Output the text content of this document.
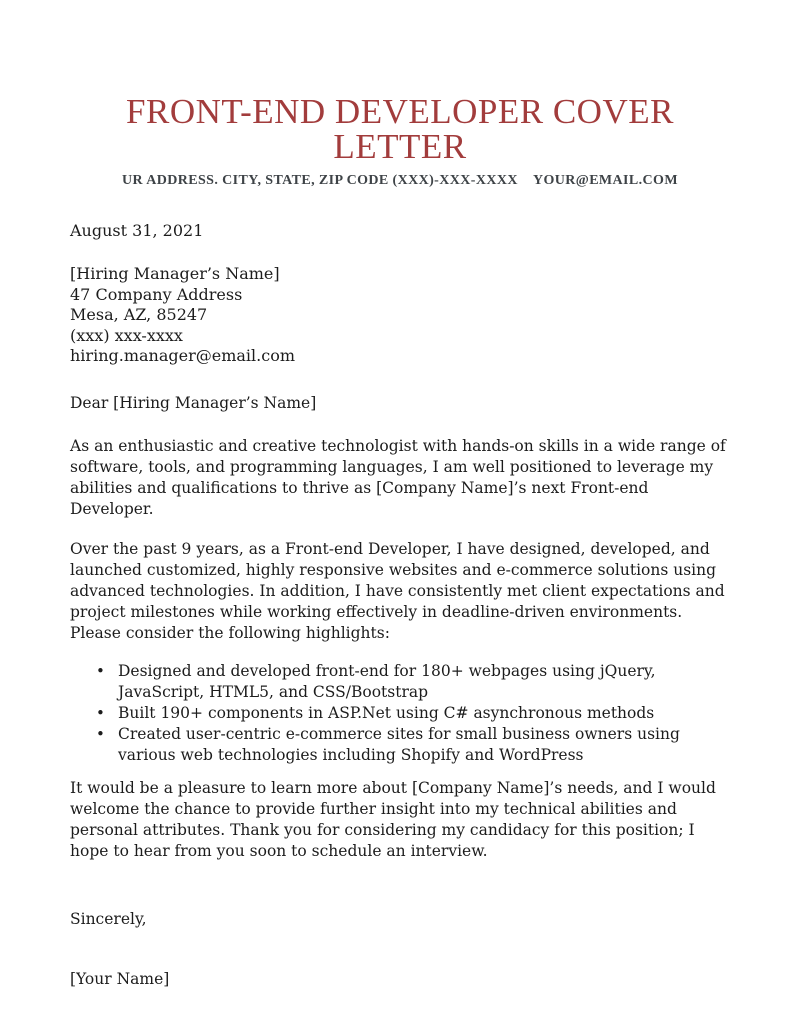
FRONT-END DEVELOPER COVER LETTER
UR ADDRESS. CITY, STATE, ZIP CODE (XXX)-XXX-XXXX    YOUR@EMAIL.COM

August 31, 2021

[Hiring Manager’s Name]
47 Company Address
Mesa, AZ, 85247
(xxx) xxx-xxxx
hiring.manager@email.com

Dear [Hiring Manager’s Name]

As an enthusiastic and creative technologist with hands-on skills in a wide range of software, tools, and programming languages, I am well positioned to leverage my abilities and qualifications to thrive as [Company Name]’s next Front-end Developer.

Over the past 9 years, as a Front-end Developer, I have designed, developed, and launched customized, highly responsive websites and e-commerce solutions using advanced technologies. In addition, I have consistently met client expectations and project milestones while working effectively in deadline-driven environments. Please consider the following highlights:

• Designed and developed front-end for 180+ webpages using jQuery, JavaScript, HTML5, and CSS/Bootstrap
• Built 190+ components in ASP.Net using C# asynchronous methods
• Created user-centric e-commerce sites for small business owners using various web technologies including Shopify and WordPress

It would be a pleasure to learn more about [Company Name]’s needs, and I would welcome the chance to provide further insight into my technical abilities and personal attributes. Thank you for considering my candidacy for this position; I hope to hear from you soon to schedule an interview.

Sincerely,

[Your Name]
